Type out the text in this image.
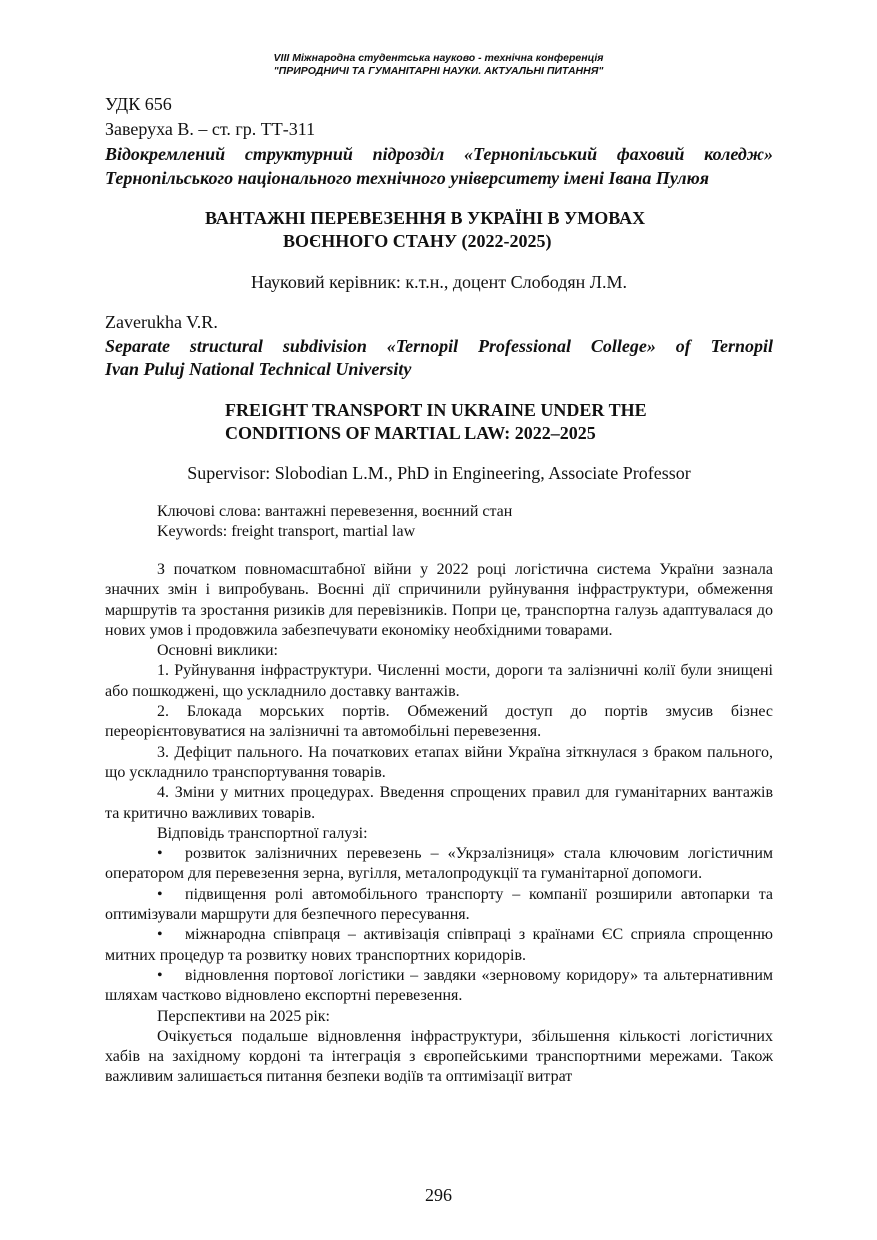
VIII Міжнародна студентська науково - технічна конференція
"ПРИРОДНИЧІ ТА ГУМАНІТАРНІ НАУКИ. АКТУАЛЬНІ ПИТАННЯ"
УДК 656
Заверуха В. – ст. гр. ТТ-311
Відокремлений структурний підрозділ «Тернопільський фаховий коледж»
Тернопільського національного технічного університету імені Івана Пулюя
ВАНТАЖНІ ПЕРЕВЕЗЕННЯ В УКРАЇНІ В УМОВАХ
ВОЄННОГО СТАНУ (2022-2025)
Науковий керівник: к.т.н., доцент Слободян Л.М.
Zaverukha V.R.
Separate structural subdivision «Ternopil Professional College» of Ternopil
Ivan Puluj National Technical University
FREIGHT TRANSPORT IN UKRAINE UNDER THE
CONDITIONS OF MARTIAL LAW: 2022–2025
Supervisor: Slobodian L.M., PhD in Engineering, Associate Professor
Ключові слова: вантажні перевезення, воєнний стан
Keywords: freight transport, martial law
З початком повномасштабної війни у 2022 році логістична система України зазнала значних змін і випробувань. Воєнні дії спричинили руйнування інфраструктури, обмеження маршрутів та зростання ризиків для перевізників. Попри це, транспортна галузь адаптувалася до нових умов і продовжила забезпечувати економіку необхідними товарами.
Основні виклики:
1. Руйнування інфраструктури. Численні мости, дороги та залізничні колії були знищені або пошкоджені, що ускладнило доставку вантажів.
2. Блокада морських портів. Обмежений доступ до портів змусив бізнес переорієнтовуватися на залізничні та автомобільні перевезення.
3. Дефіцит пального. На початкових етапах війни Україна зіткнулася з браком пального, що ускладнило транспортування товарів.
4. Зміни у митних процедурах. Введення спрощених правил для гуманітарних вантажів та критично важливих товарів.
Відповідь транспортної галузі:
• розвиток залізничних перевезень – «Укрзалізниця» стала ключовим логістичним оператором для перевезення зерна, вугілля, металопродукції та гуманітарної допомоги.
• підвищення ролі автомобільного транспорту – компанії розширили автопарки та оптимізували маршрути для безпечного пересування.
• міжнародна співпраця – активізація співпраці з країнами ЄС сприяла спрощенню митних процедур та розвитку нових транспортних коридорів.
• відновлення портової логістики – завдяки «зерновому коридору» та альтернативним шляхам частково відновлено експортні перевезення.
Перспективи на 2025 рік:
Очікується подальше відновлення інфраструктури, збільшення кількості логістичних хабів на західному кордоні та інтеграція з європейськими транспортними мережами. Також важливим залишається питання безпеки водіїв та оптимізації витрат
296
